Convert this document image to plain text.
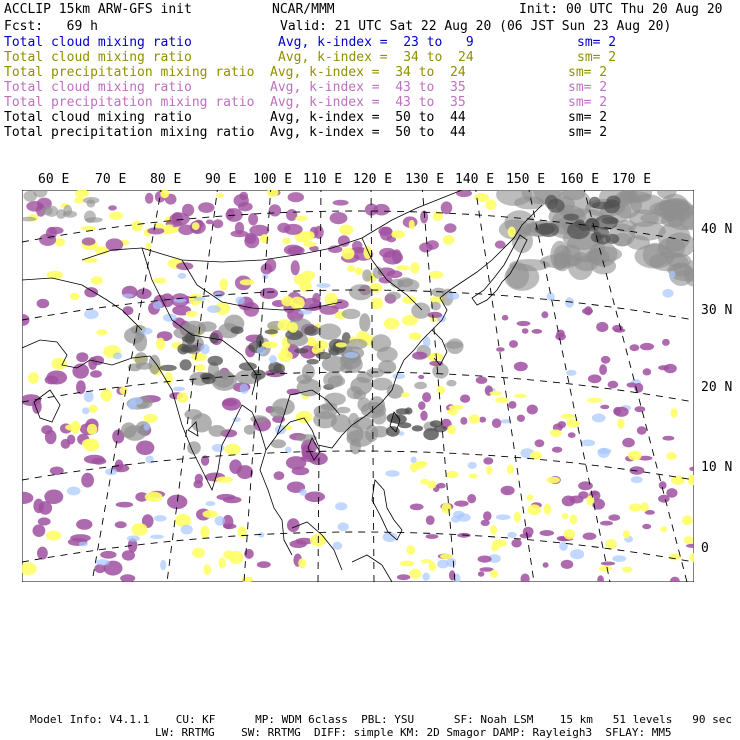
ACCLIP 15km ARW-GFS init	NCAR/MMM	Init: 00 UTC Thu 20 Aug 20
Fcst:   69 h	Valid: 21 UTC Sat 22 Aug 20 (06 JST Sun 23 Aug 20)
Total cloud mixing ratio	Avg, k-index =  23 to   9	sm= 2
Total cloud mixing ratio	Avg, k-index =  34 to  24	sm= 2
Total precipitation mixing ratio Avg, k-index =  34 to  24	sm= 2
Total cloud mixing ratio	Avg, k-index =  43 to  35	sm= 2
Total precipitation mixing ratio Avg, k-index =  43 to  35	sm= 2
Total cloud mixing ratio	Avg, k-index =  50 to  44	sm= 2
Total precipitation mixing ratio Avg, k-index =  50 to  44	sm= 2
60 E 70 E 80 E 90 E 100 E 110 E 120 E 130 E 140 E 150 E 160 E 170 E
40 N
30 N
20 N
10 N
0
Model Info: V4.1.1    CU: KF      MP: WDM 6class  PBL: YSU      SF: Noah LSM    15 km   51 levels   90 sec
LW: RRTMG    SW: RRTMG  DIFF: simple KM: 2D Smagor DAMP: Rayleigh3  SFLAY: MM5
